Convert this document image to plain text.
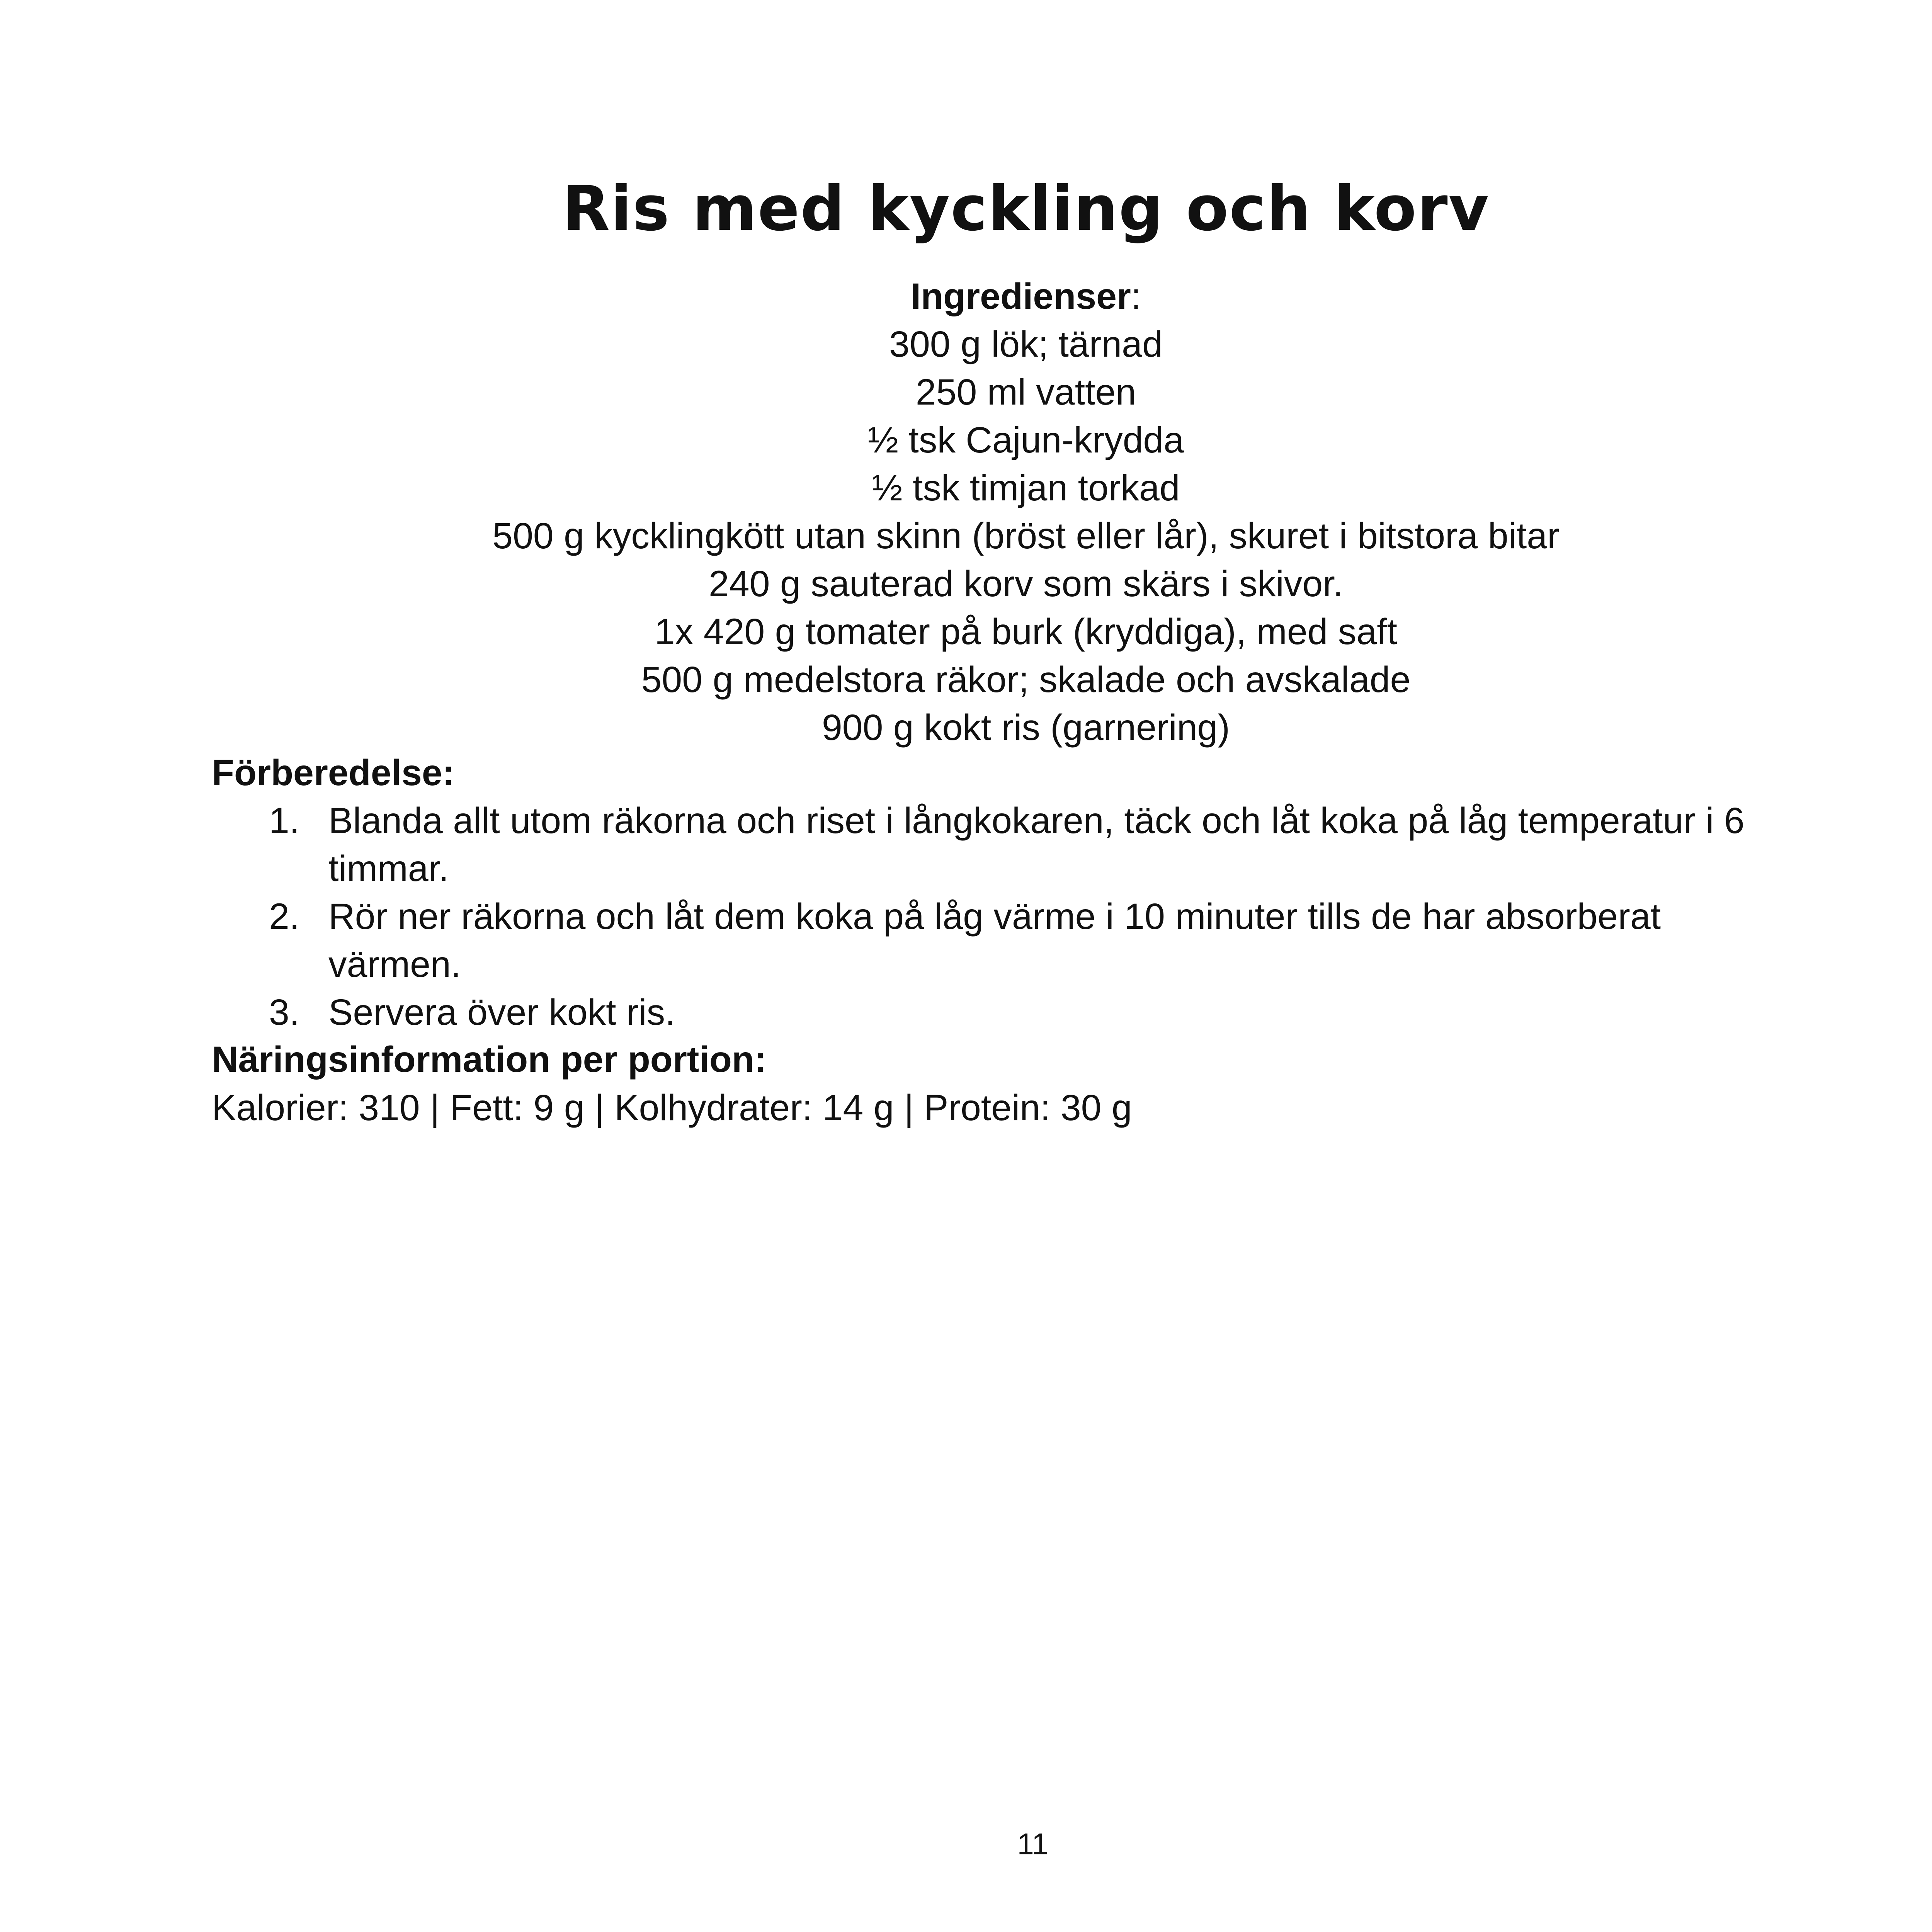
Ris med kyckling och korv

Ingredienser:

300 g lök; tärnad
250 ml vatten
½ tsk Cajun-krydda
½ tsk timjan torkad
500 g kycklingkött utan skinn (bröst eller lår), skuret i bitstora bitar
240 g sauterad korv som skärs i skivor.
1x 420 g tomater på burk (kryddiga), med saft
500 g medelstora räkor; skalade och avskalade
900 g kokt ris (garnering)

Förberedelse:

1. Blanda allt utom räkorna och riset i långkokaren, täck och låt koka på låg temperatur i 6 timmar.
2. Rör ner räkorna och låt dem koka på låg värme i 10 minuter tills de har absorberat värmen.
3. Servera över kokt ris.

Näringsinformation per portion:

Kalorier: 310 | Fett: 9 g | Kolhydrater: 14 g | Protein: 30 g

11
